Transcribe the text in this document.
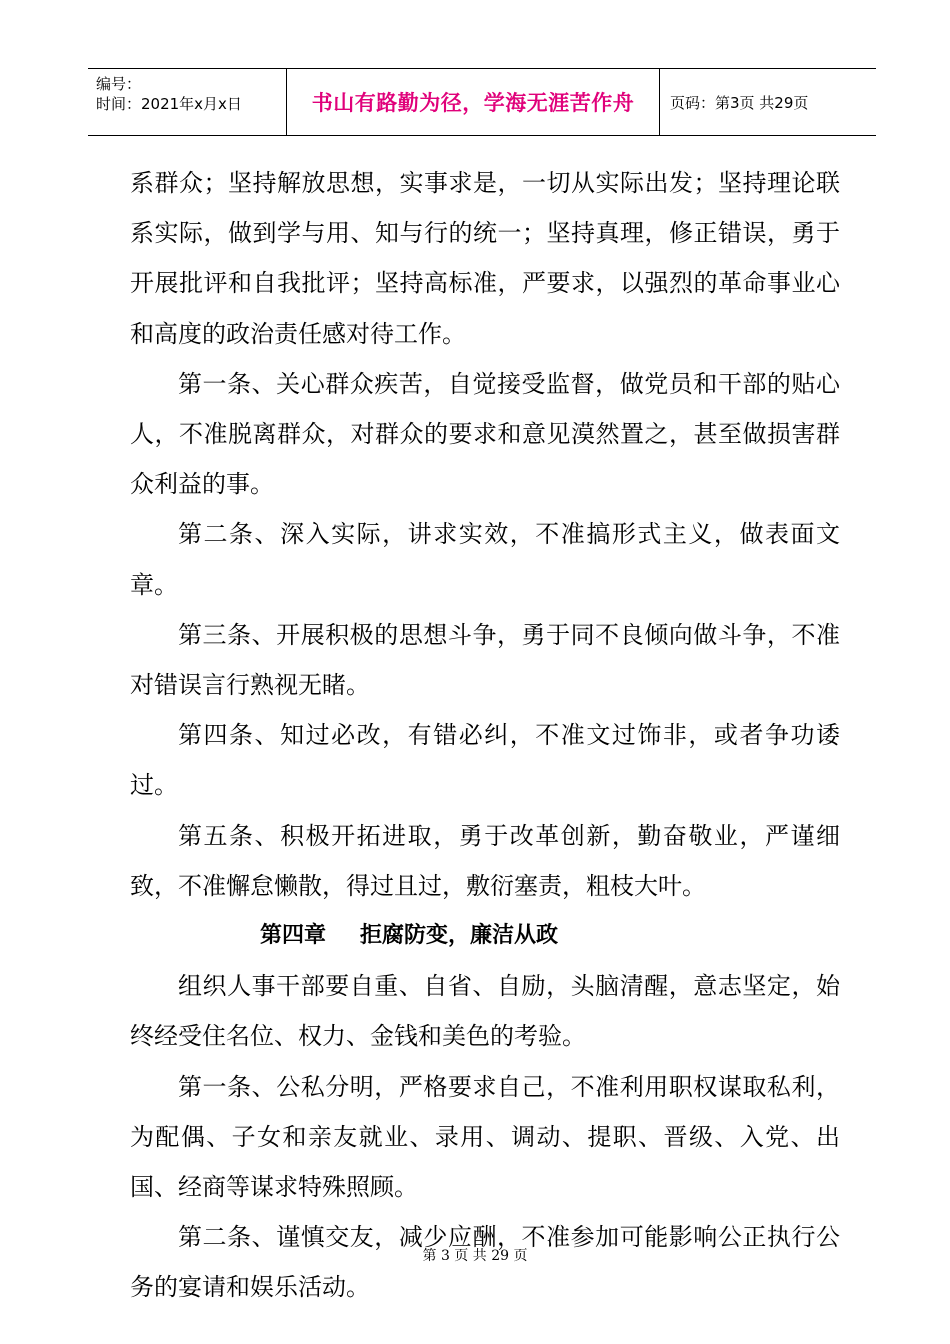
编号：
时间：2021年x月x日	书山有路勤为径，学海无涯苦作舟 页码：第3页 共29页

系群众；坚持解放思想，实事求是，一切从实际出发；坚持理论联系实际，做到学与用、知与行的统一；坚持真理，修正错误，勇于开展批评和自我批评；坚持高标准，严要求，以强烈的革命事业心和高度的政治责任感对待工作。

第一条、关心群众疾苦，自觉接受监督，做党员和干部的贴心人，不准脱离群众，对群众的要求和意见漠然置之，甚至做损害群众利益的事。

第二条、深入实际，讲求实效，不准搞形式主义，做表面文章。

第三条、开展积极的思想斗争，勇于同不良倾向做斗争，不准对错误言行熟视无睹。

第四条、知过必改，有错必纠，不准文过饰非，或者争功诿过。

第五条、积极开拓进取，勇于改革创新，勤奋敬业，严谨细致，不准懈怠懒散，得过且过，敷衍塞责，粗枝大叶。

第四章 拒腐防变，廉洁从政

组织人事干部要自重、自省、自励，头脑清醒，意志坚定，始终经受住名位、权力、金钱和美色的考验。

第一条、公私分明，严格要求自己，不准利用职权谋取私利，为配偶、子女和亲友就业、录用、调动、提职、晋级、入党、出国、经商等谋求特殊照顾。

第二条、谨慎交友，减少应酬，不准参加可能影响公正执行公务的宴请和娱乐活动。

第 3 页 共 29 页
